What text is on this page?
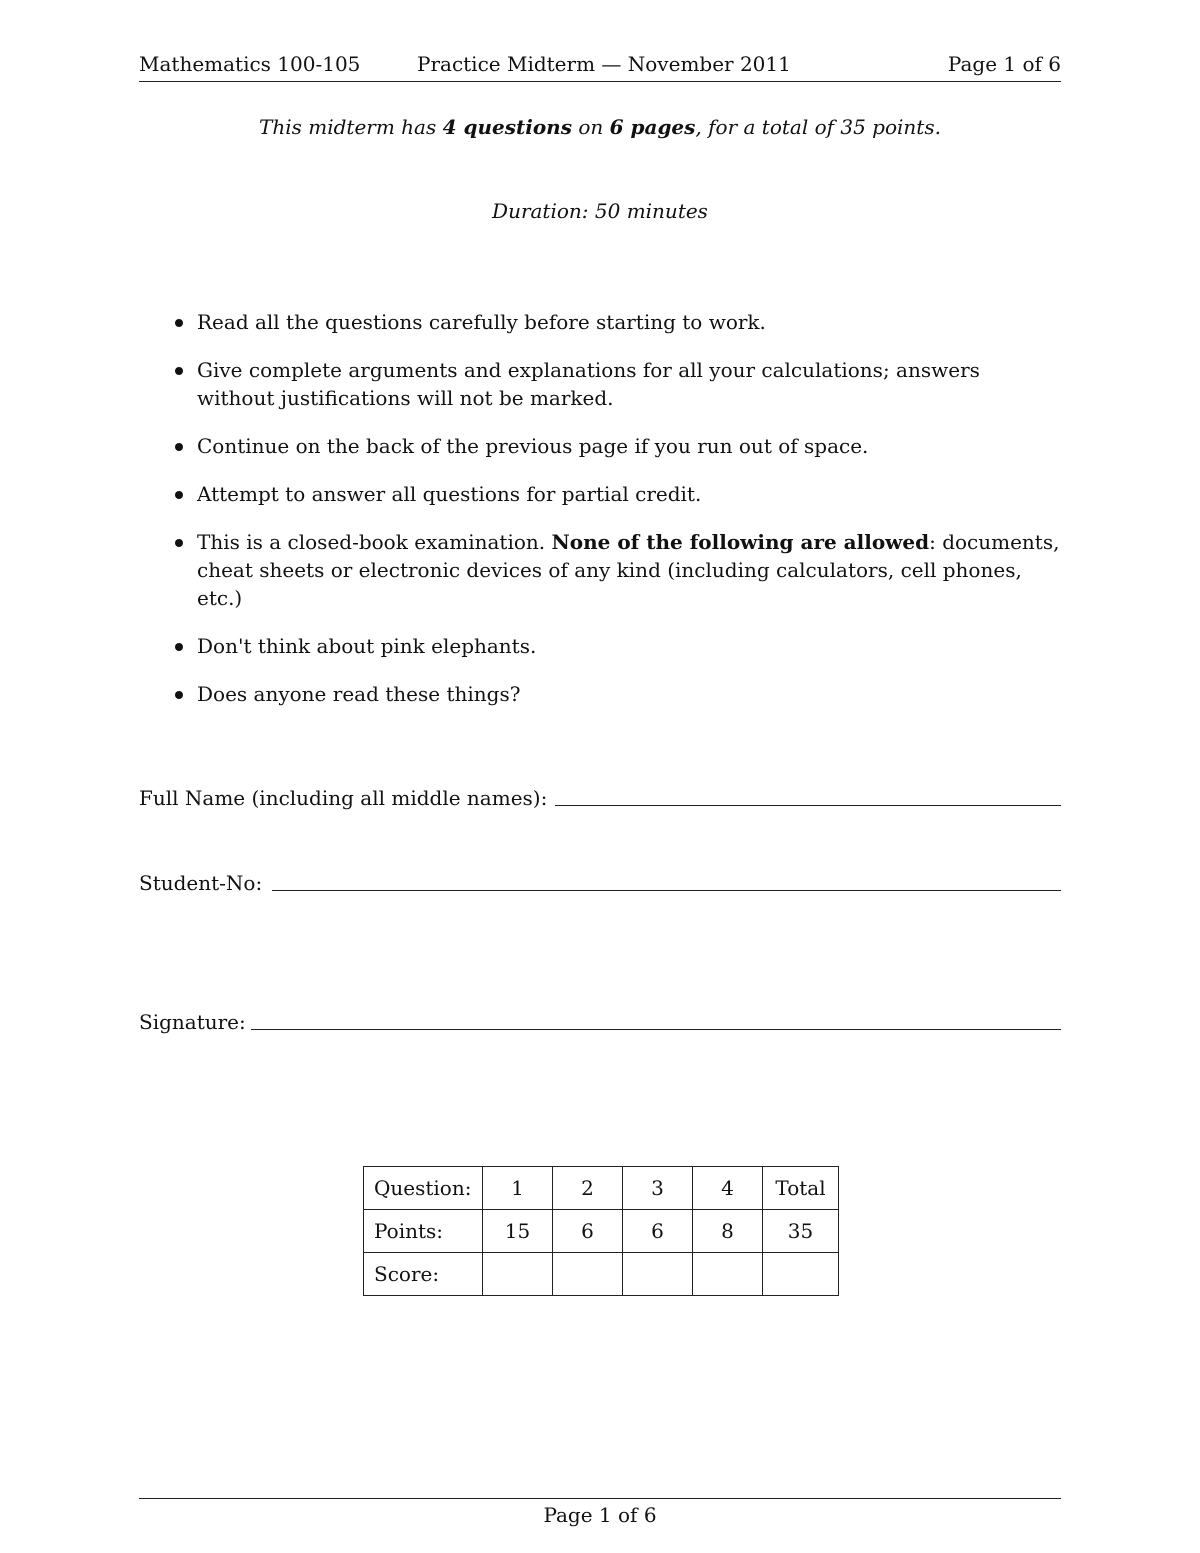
Mathematics 100-105	Practice Midterm — November 2011	Page 1 of 6
This midterm has 4 questions on 6 pages, for a total of 35 points.
Duration: 50 minutes
Read all the questions carefully before starting to work.
Give complete arguments and explanations for all your calculations; answers without justifications will not be marked.
Continue on the back of the previous page if you run out of space.
Attempt to answer all questions for partial credit.
This is a closed-book examination. None of the following are allowed: documents, cheat sheets or electronic devices of any kind (including calculators, cell phones, etc.)
Don't think about pink elephants.
Does anyone read these things?
Full Name (including all middle names):
Student-No:
Signature:
Question:	1	2	3	4	Total
Points:	15	6	6	8	35
Score:					
Page 1 of 6
